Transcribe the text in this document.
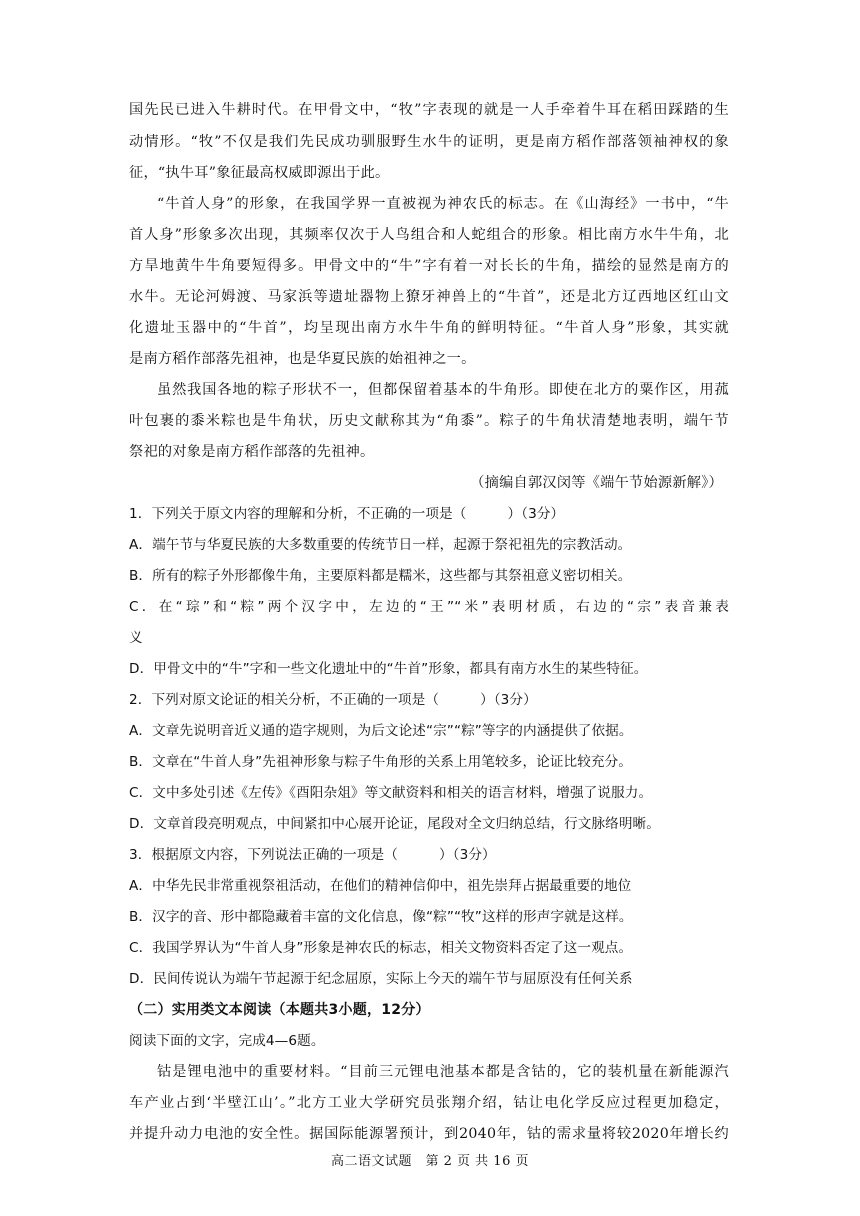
国先民已进入牛耕时代。在甲骨文中，“牧”字表现的就是一人手牵着牛耳在稻田踩踏的生
动情形。“牧”不仅是我们先民成功驯服野生水牛的证明，更是南方稻作部落领袖神权的象
征，“执牛耳”象征最高权威即源出于此。
“牛首人身”的形象，在我国学界一直被视为神农氏的标志。在《山海经》一书中，“牛
首人身”形象多次出现，其频率仅次于人鸟组合和人蛇组合的形象。相比南方水牛牛角，北
方旱地黄牛牛角要短得多。甲骨文中的“牛”字有着一对长长的牛角，描绘的显然是南方的
水牛。无论河姆渡、马家浜等遗址器物上獠牙神兽上的“牛首”，还是北方辽西地区红山文
化遗址玉器中的“牛首”，均呈现出南方水牛牛角的鲜明特征。“牛首人身”形象，其实就
是南方稻作部落先祖神，也是华夏民族的始祖神之一。
虽然我国各地的粽子形状不一，但都保留着基本的牛角形。即使在北方的粟作区，用菰
叶包裹的黍米粽也是牛角状，历史文献称其为“角黍”。粽子的牛角状清楚地表明，端午节
祭祀的对象是南方稻作部落的先祖神。
（摘编自郭汉闵等《端午节始源新解》）
1．下列关于原文内容的理解和分析，不正确的一项是（　　　）（3分）
A．端午节与华夏民族的大多数重要的传统节日一样，起源于祭祀祖先的宗教活动。
B．所有的粽子外形都像牛角，主要原料都是糯米，这些都与其祭祖意义密切相关。
C．在“琮”和“粽”两个汉字中，左边的“王”“米”表明材质，右边的“宗”表音兼表
义
D．甲骨文中的“牛”字和一些文化遗址中的“牛首”形象，都具有南方水生的某些特征。
2．下列对原文论证的相关分析，不正确的一项是（　　　）（3分）
A．文章先说明音近义通的造字规则，为后文论述“宗”“粽”等字的内涵提供了依据。
B．文章在“牛首人身”先祖神形象与粽子牛角形的关系上用笔较多，论证比较充分。
C．文中多处引述《左传》《酉阳杂俎》等文献资料和相关的语言材料，增强了说服力。
D．文章首段亮明观点，中间紧扣中心展开论证，尾段对全文归纳总结，行文脉络明晰。
3．根据原文内容，下列说法正确的一项是（　　　）（3分）
A．中华先民非常重视祭祖活动，在他们的精神信仰中，祖先崇拜占据最重要的地位
B．汉字的音、形中都隐藏着丰富的文化信息，像“粽”“牧”这样的形声字就是这样。
C．我国学界认为“牛首人身”形象是神农氏的标志，相关文物资料否定了这一观点。
D．民间传说认为端午节起源于纪念屈原，实际上今天的端午节与屈原没有任何关系
（二）实用类文本阅读（本题共3小题，12分）
阅读下面的文字，完成4—6题。
钴是锂电池中的重要材料。“目前三元锂电池基本都是含钴的，它的装机量在新能源汽
车产业占到‘半壁江山’。”北方工业大学研究员张翔介绍，钴让电化学反应过程更加稳定，
并提升动力电池的安全性。据国际能源署预计，到2040年，钴的需求量将较2020年增长约
高二语文试题　第 2 页 共 16 页
